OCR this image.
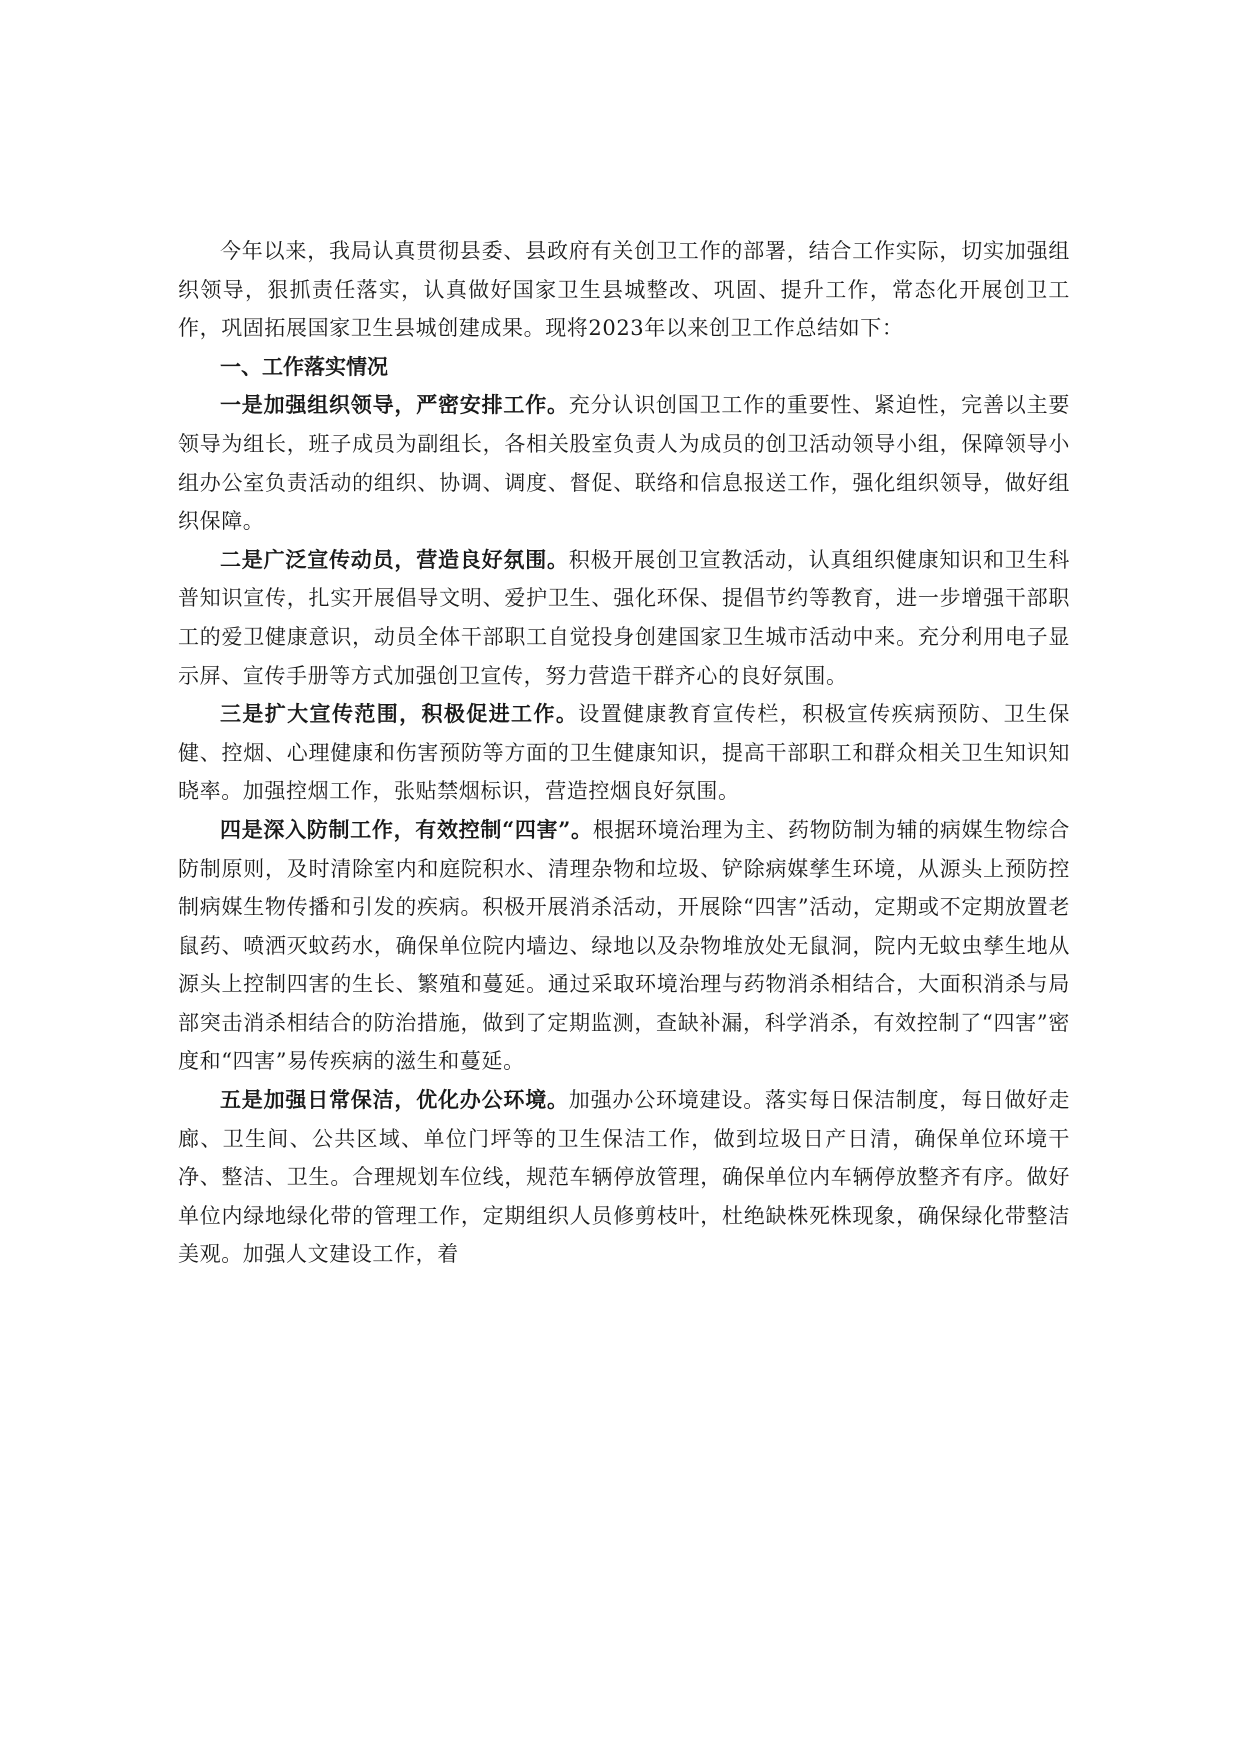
今年以来，我局认真贯彻县委、县政府有关创卫工作的部署，结合工作实际，切实加强组织领导，狠抓责任落实，认真做好国家卫生县城整改、巩固、提升工作，常态化开展创卫工作，巩固拓展国家卫生县城创建成果。现将2023年以来创卫工作总结如下：

一、工作落实情况

一是加强组织领导，严密安排工作。充分认识创国卫工作的重要性、紧迫性，完善以主要领导为组长，班子成员为副组长，各相关股室负责人为成员的创卫活动领导小组，保障领导小组办公室负责活动的组织、协调、调度、督促、联络和信息报送工作，强化组织领导，做好组织保障。

二是广泛宣传动员，营造良好氛围。积极开展创卫宣教活动，认真组织健康知识和卫生科普知识宣传，扎实开展倡导文明、爱护卫生、强化环保、提倡节约等教育，进一步增强干部职工的爱卫健康意识，动员全体干部职工自觉投身创建国家卫生城市活动中来。充分利用电子显示屏、宣传手册等方式加强创卫宣传，努力营造干群齐心的良好氛围。

三是扩大宣传范围，积极促进工作。设置健康教育宣传栏，积极宣传疾病预防、卫生保健、控烟、心理健康和伤害预防等方面的卫生健康知识，提高干部职工和群众相关卫生知识知晓率。加强控烟工作，张贴禁烟标识，营造控烟良好氛围。

四是深入防制工作，有效控制“四害”。根据环境治理为主、药物防制为辅的病媒生物综合防制原则，及时清除室内和庭院积水、清理杂物和垃圾、铲除病媒孳生环境，从源头上预防控制病媒生物传播和引发的疾病。积极开展消杀活动，开展除“四害”活动，定期或不定期放置老鼠药、喷洒灭蚊药水，确保单位院内墙边、绿地以及杂物堆放处无鼠洞，院内无蚊虫孳生地从源头上控制四害的生长、繁殖和蔓延。通过采取环境治理与药物消杀相结合，大面积消杀与局部突击消杀相结合的防治措施，做到了定期监测，查缺补漏，科学消杀，有效控制了“四害”密度和“四害”易传疾病的滋生和蔓延。

五是加强日常保洁，优化办公环境。加强办公环境建设。落实每日保洁制度，每日做好走廊、卫生间、公共区域、单位门坪等的卫生保洁工作，做到垃圾日产日清，确保单位环境干净、整洁、卫生。合理规划车位线，规范车辆停放管理，确保单位内车辆停放整齐有序。做好单位内绿地绿化带的管理工作，定期组织人员修剪枝叶，杜绝缺株死株现象，确保绿化带整洁美观。加强人文建设工作，着
